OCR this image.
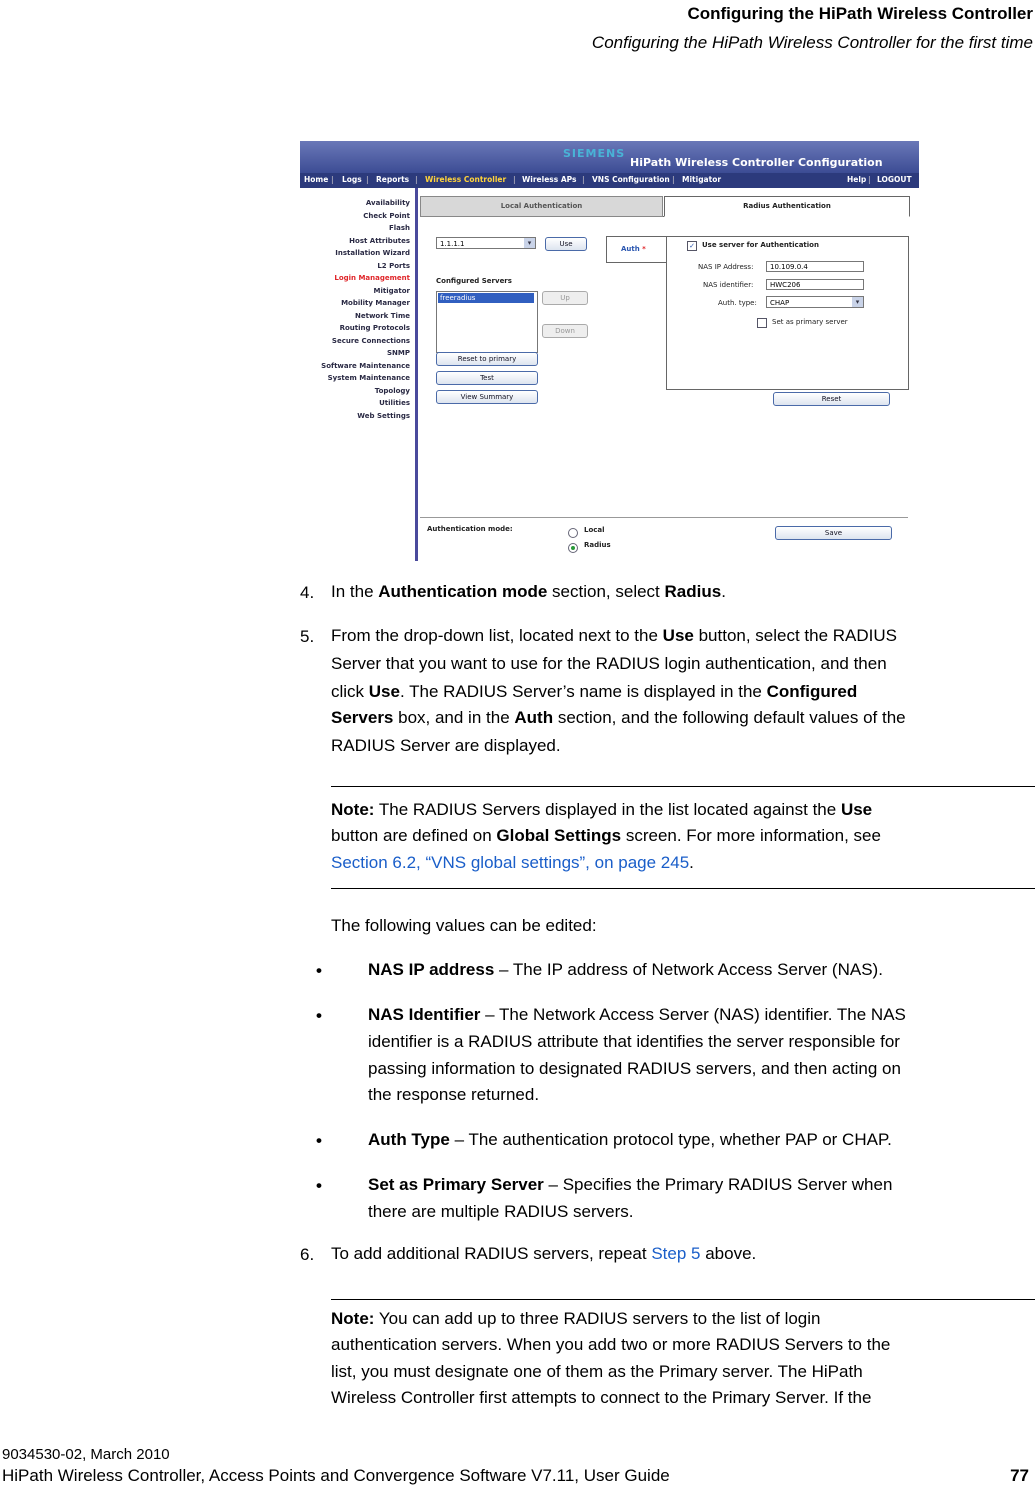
Configuring the HiPath Wireless Controller
Configuring the HiPath Wireless Controller for the first time
SIEMENS
HiPath Wireless Controller Configuration
Home | Logs | Reports | Wireless Controller | Wireless APs | VNS Configuration | Mitigator	Help | LOGOUT
Availability
Check Point
Flash
Host Attributes
Installation Wizard
L2 Ports
Login Management
Mitigator
Mobility Manager
Network Time
Routing Protocols
Secure Connections
SNMP
Software Maintenance
System Maintenance
Topology
Utilities
Web Settings
Local Authentication	Radius Authentication
1.1.1.1	▾	Use
Configured Servers
freeradius	Up
Down
Reset to primary
Test
View Summary
Auth *	✓ Use server for Authentication
NAS IP Address:	10.109.0.4
NAS identifier:	HWC206
Auth. type:	CHAP	▾
Set as primary server
Reset
Authentication mode:	Local
Radius
Save
4. In the Authentication mode section, select Radius.
5. From the drop-down list, located next to the Use button, select the RADIUS
Server that you want to use for the RADIUS login authentication, and then
click Use. The RADIUS Server’s name is displayed in the Configured
Servers box, and in the Auth section, and the following default values of the
RADIUS Server are displayed.
Note: The RADIUS Servers displayed in the list located against the Use
button are defined on Global Settings screen. For more information, see
Section 6.2, “VNS global settings”, on page 245.
The following values can be edited:
•	NAS IP address – The IP address of Network Access Server (NAS).
•	NAS Identifier – The Network Access Server (NAS) identifier. The NAS
identifier is a RADIUS attribute that identifies the server responsible for
passing information to designated RADIUS servers, and then acting on
the response returned.
•	Auth Type – The authentication protocol type, whether PAP or CHAP.
•	Set as Primary Server – Specifies the Primary RADIUS Server when
there are multiple RADIUS servers.
6. To add additional RADIUS servers, repeat Step 5 above.
Note: You can add up to three RADIUS servers to the list of login
authentication servers. When you add two or more RADIUS Servers to the
list, you must designate one of them as the Primary server. The HiPath
Wireless Controller first attempts to connect to the Primary Server. If the
9034530-02, March 2010
HiPath Wireless Controller, Access Points and Convergence Software V7.11, User Guide	77
